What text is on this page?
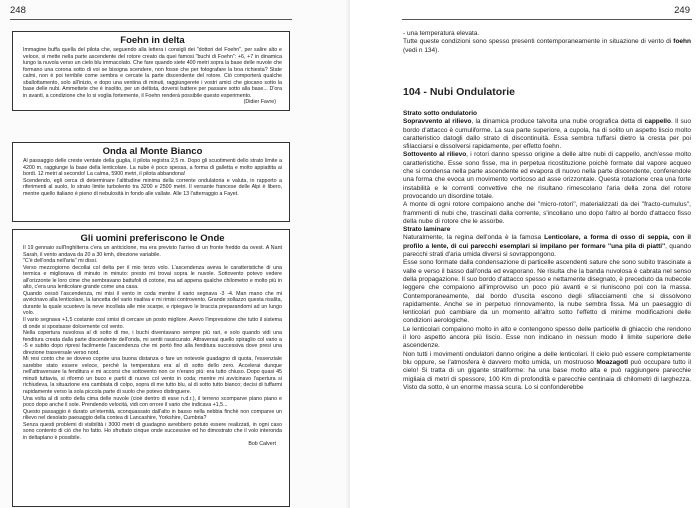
248
Foehn in delta

Immagine buffa quella del pilota che, seguendo alla lettera i consigli dei "dottori del Foehn", per salire alto e veloce, si mette nella parte ascendente del rotore creato da quei famosi "buchi di Foehn": +6, +7 in dinamica lungo la nuvola verso un cielo blu immacolato. Che fare quando siete 400 metri sopra la base delle nuvole che formano una corona sotto di voi se bisogna scendere, non fosse che per fotografare la boa richiesta? State calmi, non è poi terribile come sembra e cercate la parte discendente del rotore. Ciò comporterà qualche sballottamento, solo all'inizio, e dopo una ventina di minuti, raggiungerete i vostri amici che giocano sotto la base delle nubi. Ammettete che è insolito, per un deltista, doversi battere per passare sotto alla base... D'ora in avanti, a condizione che lo si voglia fortemente, il Foehn renderà possibile questo esperimento.

(Didier Favre)
Onda al Monte Bianco

Al passaggio delle creste ventate della guglia, il pilota registra 2,5 m. Dopo gli scuotimenti dello strato limite a 4200 m, raggiunge la base della lenticolare. La nube è poco spessa, a forma di galletta e molto appiattita ai bordi. 12 metri al secondo! La calma, 5900 metri, il pilota abbandona!

Scendendo, egli cerca di determinare l'altitudine minima della corrente ondulatoria e valuta, in rapporto a riferimenti al suolo, lo strato limite turbolento tra 3200 e 2500 metri. Il versante francese delle Alpi è libero, mentre quello italiano è pieno di nebulosità in fondo alle vallate. Alle 13 l'atterraggio a Fayet.

Gli uomini preferiscono le Onde

Il 19 gennaio sull'Inghilterra c'era un anticiclone, ma era previsto l'arrivo di un fronte freddo da ovest. A Nant Sarah, il vento andava da 20 a 30 kmh, direzione variabile.

"C'è dell'onda nell'aria" mi dissi.

Verso mezzogiorno decollai col delta per il mio terzo volo. L'ascendenza aveva le caratteristiche di una termica e migliorava di minuto in minuto: presto mi trovai sopra le nuvole. Sottovento potevo vedere all'orizzonte le loro cime che sembravano battufoli di cotone, ma ad appena qualche chilometro e molto più in alto, c'era una lenticolare grande come una casa.

Quando cessò l'ascendenza, mi misi il vento in coda mentre il vario segnava -3 -4. Man mano che mi avvicinavo alla lenticolare, la lancetta del vario risaliva e mi rimisi controvento. Grande sollazzo questa risalita, durante la quale scuotevo la neve incollata alle mie scarpe, e ripiegavo le braccia preparandomi ad un lungo volo.

Il vario segnava +1,5 costante così smisi di cercare un posto migliore. Avevo l'impressione che tutto il sistema di onde si spostasse dolcemente col vento.

Nella copertura nuvolosa al di sotto di me, i buchi diventavano sempre più rari, e solo quando vidi una fenditura creata dalla parte discendente dell'onda, mi sentii rassicurato. Attraversai quello spiraglio col vario a -5 e subito dopo ripresi facilmente l'ascendenza che mi portò fino alla fenditura successiva dove presi una direzione trasversale verso nord.

Mi resi conto che se dovevo coprire una buona distanza o fare un notevole guadagno di quota, l'essenziale sarebbe stato essere veloce, perchè la temperatura era al di sotto dello zero. Accelerai dunque nell'attraversare la fenditura e mi accorsi che sottovento non ce n'erano più: era tutto chiuso. Dopo quasi 45 minuti tuttavia, si riformò un buco e partii di nuovo col vento in coda; mentre mi avvicinavo l'apertura si richiudeva, la situazione era cambiata di colpo, sopra di me tutto blu, al di sotto tutto bianco; decisi di tuffarmi rapidamente verso la sola piccola parte di suolo che potevo distinguere.

Una volta al di sotto della cima delle nuvole (cioè dentro di esse n.d.r.), il terreno scomparve piano piano e poco dopo anche il sole. Prendendo velocità, vidi con orrore il vario che indicava +1,5...

Questo passaggio è durato un'eternità, sconquassato dall'alto in basso nella nebbia finchè non comparve un rilievo nel desolato paesaggio della contea di Lancashire, Yorkshire, Cumbria?

Senza questi problemi di visibilità i 3000 metri di guadagno avrebbero potuto essere realizzati, in ogni caso sono contento di ciò che ho fatto. Ho sfruttato cinque onde successive ed ho dimostrato che il volo interonda in deltaplano è possibile.

Bob Calvert
249

- una temperatura elevata.

Tutte queste condizioni sono spesso presenti contemporaneamente in situazione di vento di foehn (vedi n 134).

104 - Nubi Ondulatorie

Strato sotto ondulatorio

Sopravvento al rilievo, la dinamica produce talvolta una nube orografica detta di cappello. Il suo bordo d'attacco è cumuliforme. La sua parte superiore, a cupola, ha di solito un aspetto liscio molto caratteristico datogli dallo strato di discontinuità. Essa sembra tuffarsi dietro la cresta per poi sfilacciarsi e dissolversi rapidamente, per effetto foehn.

Sottovento al rilievo, i rotori danno spesso origine a delle altre nubi di cappello, anch'esse molto caratteristiche. Esse sono fisse, ma in perpetua ricostituzione poichè formate dal vapore acqueo che si condensa nella parte ascendente ed evapora di nuovo nella parte discendente, conferendole una forma che evoca un movimento vorticoso ad asse orizzontale. Questa rotazione crea una forte instabilità e le correnti convettive che ne risultano rimescolano l'aria della zona del rotore provocando un disordine totale.

A monte di ogni rotore compaiono anche dei ''micro-rotori'', materializzati da dei ''fracto-cumulus'', frammenti di nubi che, trascinati dalla corrente, s'incollano uno dopo l'altro al bordo d'attacco fisso della nube di rotore che le assorbe.

Strato laminare

Naturalmente, la regina dell'onda è la famosa Lenticolare, a forma di osso di seppia, con il profilo a lente, di cui parecchi esemplari si impilano per formare ''una pila di piatti'', quando parecchi strati d'aria umida diversi si sovrappongono.

Esse sono formate dalla condensazione di particelle ascendenti sature che sono subito trascinate a valle e verso il basso dall'onda ed evaporano. Ne risulta che la banda nuvolosa è cabrata nel senso della propagazione. Il suo bordo d'attacco spesso e nettamente disegnato, è preceduto da nubecole leggere che compaiono all'improvviso un poco più avanti e si riuniscono poi con la massa. Contemporaneamente, dal bordo d'uscita escono degli sfilacciamenti che si dissolvono rapidamente. Anche se in perpetuo rinnovamento, la nube sembra fissa. Ma un paesaggio di lenticolari può cambiare da un momento all'altro sotto l'effetto di minime modificazioni delle condizioni aerologiche.

Le lenticolari compaiono molto in alto e contengono spesso delle particelle di ghiaccio che rendono il loro aspetto ancora più liscio. Esse non indicano in nessun modo il limite superiore delle ascendenze.

Non tutti i movimenti ondulatori danno origine a delle lenticolari. Il cielo può essere completamente blu oppure, se l'atmosfera è davvero molto umida, un mostruoso Moazagotl può occupare tutto il cielo! Si tratta di un gigante stratiforme: ha una base molto alta e può raggiungere parecchie migliaia di metri di spessore, 100 Km di profondità e parecchie centinaia di chilometri di larghezza. Visto da sotto, è un enorme massa scura. Lo si confonderebbe
